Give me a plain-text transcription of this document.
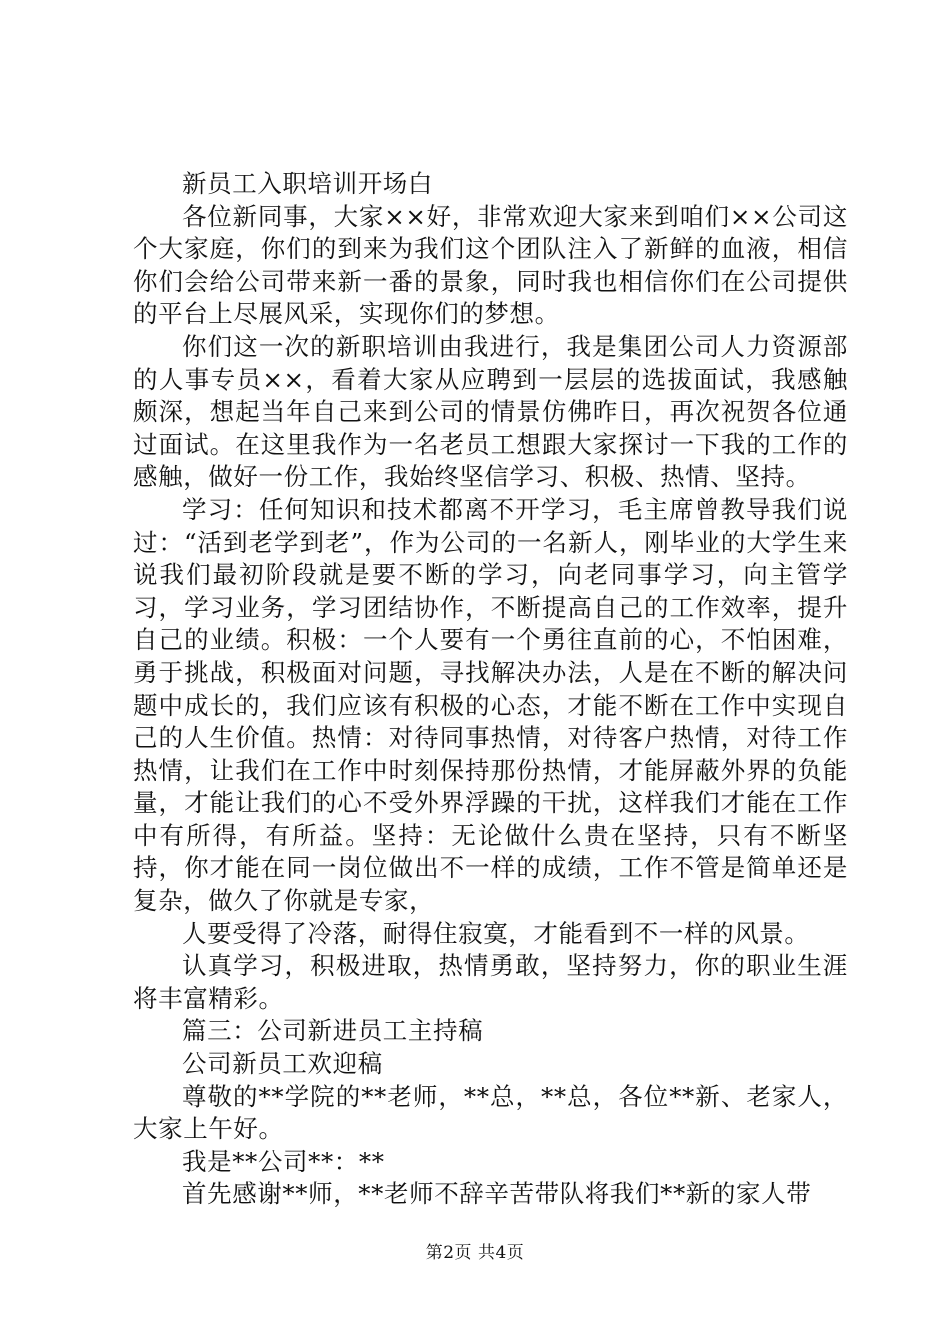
新员工入职培训开场白

各位新同事，大家××好，非常欢迎大家来到咱们××公司这个大家庭，你们的到来为我们这个团队注入了新鲜的血液，相信你们会给公司带来新一番的景象，同时我也相信你们在公司提供的平台上尽展风采，实现你们的梦想。

你们这一次的新职培训由我进行，我是集团公司人力资源部的人事专员××，看着大家从应聘到一层层的选拔面试，我感触颇深，想起当年自己来到公司的情景仿佛昨日，再次祝贺各位通过面试。在这里我作为一名老员工想跟大家探讨一下我的工作的感触，做好一份工作，我始终坚信学习、积极、热情、坚持。

学习：任何知识和技术都离不开学习，毛主席曾教导我们说过：“活到老学到老”，作为公司的一名新人，刚毕业的大学生来说我们最初阶段就是要不断的学习，向老同事学习，向主管学习，学习业务，学习团结协作，不断提高自己的工作效率，提升自己的业绩。积极：一个人要有一个勇往直前的心，不怕困难，勇于挑战，积极面对问题，寻找解决办法，人是在不断的解决问题中成长的，我们应该有积极的心态，才能不断在工作中实现自己的人生价值。热情：对待同事热情，对待客户热情，对待工作热情，让我们在工作中时刻保持那份热情，才能屏蔽外界的负能量，才能让我们的心不受外界浮躁的干扰，这样我们才能在工作中有所得，有所益。坚持：无论做什么贵在坚持，只有不断坚持，你才能在同一岗位做出不一样的成绩，工作不管是简单还是复杂，做久了你就是专家，

人要受得了冷落，耐得住寂寞，才能看到不一样的风景。

认真学习，积极进取，热情勇敢，坚持努力，你的职业生涯将丰富精彩。

篇三：公司新进员工主持稿

公司新员工欢迎稿

尊敬的**学院的**老师，**总，**总，各位**新、老家人，大家上午好。

我是**公司**：**

首先感谢**师，**老师不辞辛苦带队将我们**新的家人带

第2页 共4页
